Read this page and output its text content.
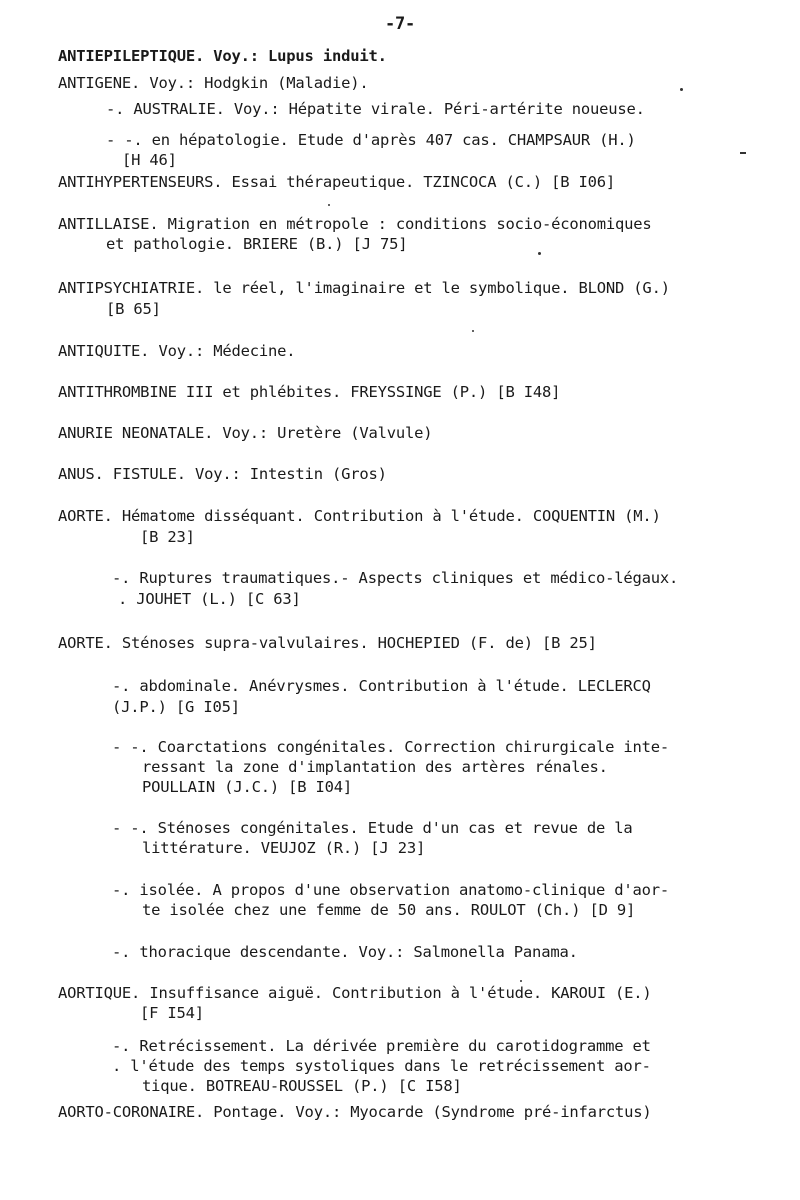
-7-
ANTIEPILEPTIQUE. Voy.: Lupus induit.
ANTIGENE. Voy.: Hodgkin (Maladie).
-. AUSTRALIE. Voy.: Hépatite virale. Péri-artérite noueuse.
- -. en hépatologie. Etude d'après 407 cas. CHAMPSAUR (H.)
[H 46]
ANTIHYPERTENSEURS. Essai thérapeutique. TZINCOCA (C.) [B I06]
ANTILLAISE. Migration en métropole : conditions socio-économiques
et pathologie. BRIERE (B.) [J 75]
ANTIPSYCHIATRIE. le réel, l'imaginaire et le symbolique. BLOND (G.)
[B 65]
ANTIQUITE. Voy.: Médecine.
ANTITHROMBINE III et phlébites. FREYSSINGE (P.) [B I48]
ANURIE NEONATALE. Voy.: Uretère (Valvule)
ANUS. FISTULE. Voy.: Intestin (Gros)
AORTE. Hématome disséquant. Contribution à l'étude. COQUENTIN (M.)
[B 23]
-. Ruptures traumatiques.- Aspects cliniques et médico-légaux.
. JOUHET (L.) [C 63]
AORTE. Sténoses supra-valvulaires. HOCHEPIED (F. de) [B 25]
-. abdominale. Anévrysmes. Contribution à l'étude. LECLERCQ
(J.P.) [G I05]
- -. Coarctations congénitales. Correction chirurgicale inte-
ressant la zone d'implantation des artères rénales.
POULLAIN (J.C.) [B I04]
- -. Sténoses congénitales. Etude d'un cas et revue de la
littérature. VEUJOZ (R.) [J 23]
-. isolée. A propos d'une observation anatomo-clinique d'aor-
te isolée chez une femme de 50 ans. ROULOT (Ch.) [D 9]
-. thoracique descendante. Voy.: Salmonella Panama.
AORTIQUE. Insuffisance aiguë. Contribution à l'étude. KAROUI (E.)
[F I54]
-. Retrécissement. La dérivée première du carotidogramme et
. l'étude des temps systoliques dans le retrécissement aor-
tique. BOTREAU-ROUSSEL (P.) [C I58]
AORTO-CORONAIRE. Pontage. Voy.: Myocarde (Syndrome pré-infarctus)
